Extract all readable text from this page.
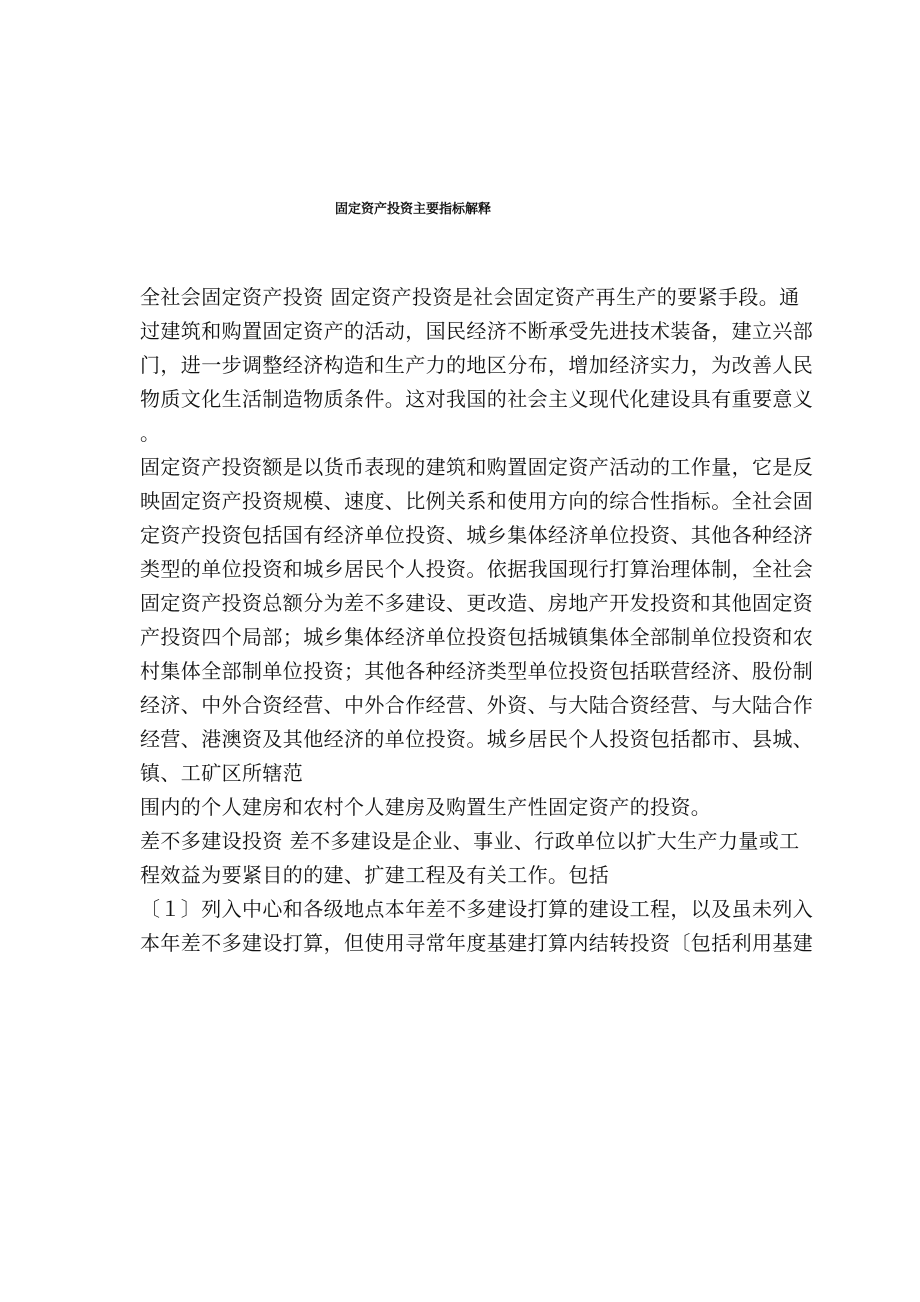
固定资产投资主要指标解释
全社会固定资产投资 固定资产投资是社会固定资产再生产的要紧手段。通
过建筑和购置固定资产的活动，国民经济不断承受先进技术装备，建立兴部
门，进一步调整经济构造和生产力的地区分布，增加经济实力，为改善人民
物质文化生活制造物质条件。这对我国的社会主义现代化建设具有重要意义
。
固定资产投资额是以货币表现的建筑和购置固定资产活动的工作量，它是反
映固定资产投资规模、速度、比例关系和使用方向的综合性指标。全社会固
定资产投资包括国有经济单位投资、城乡集体经济单位投资、其他各种经济
类型的单位投资和城乡居民个人投资。依据我国现行打算治理体制，全社会
固定资产投资总额分为差不多建设、更改造、房地产开发投资和其他固定资
产投资四个局部；城乡集体经济单位投资包括城镇集体全部制单位投资和农
村集体全部制单位投资；其他各种经济类型单位投资包括联营经济、股份制
经济、中外合资经营、中外合作经营、外资、与大陆合资经营、与大陆合作
经营、港澳资及其他经济的单位投资。城乡居民个人投资包括都市、县城、
镇、工矿区所辖范
围内的个人建房和农村个人建房及购置生产性固定资产的投资。
差不多建设投资 差不多建设是企业、事业、行政单位以扩大生产力量或工
程效益为要紧目的的建、扩建工程及有关工作。包括
〔１〕列入中心和各级地点本年差不多建设打算的建设工程，以及虽未列入
本年差不多建设打算，但使用寻常年度基建打算内结转投资〔包括利用基建
